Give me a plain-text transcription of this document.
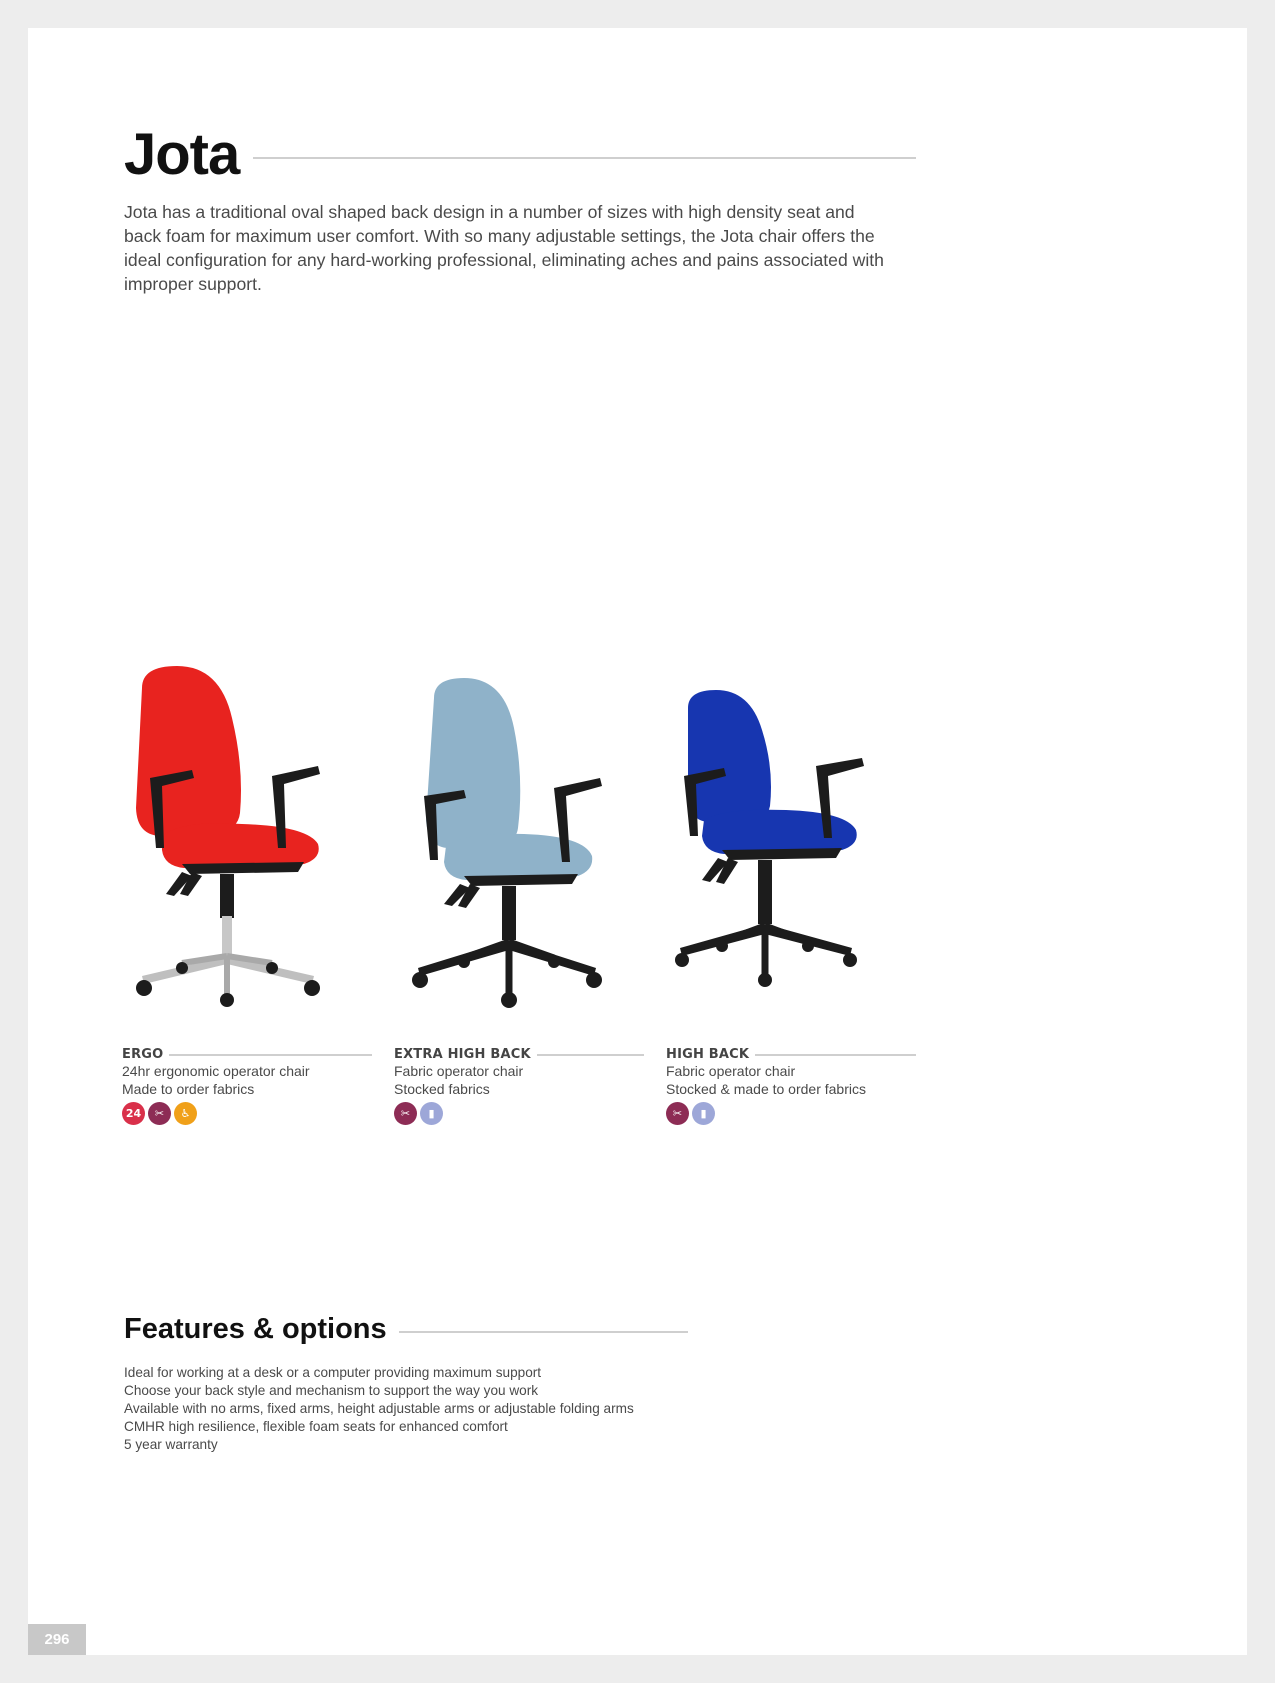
Jota

Jota has a traditional oval shaped back design in a number of sizes with high density seat and back foam for maximum user comfort. With so many adjustable settings, the Jota chair offers the ideal configuration for any hard-working professional, eliminating aches and pains associated with improper support.

ERGO
24hr ergonomic operator chair
Made to order fabrics
24	✂	♿
EXTRA HIGH BACK
Fabric operator chair
Stocked fabrics
✂	▮
HIGH BACK
Fabric operator chair
Stocked & made to order fabrics
✂	▮
Features & options
Ideal for working at a desk or a computer providing maximum support
Choose your back style and mechanism to support the way you work
Available with no arms, fixed arms, height adjustable arms or adjustable folding arms
CMHR high resilience, flexible foam seats for enhanced comfort
5 year warranty
296
